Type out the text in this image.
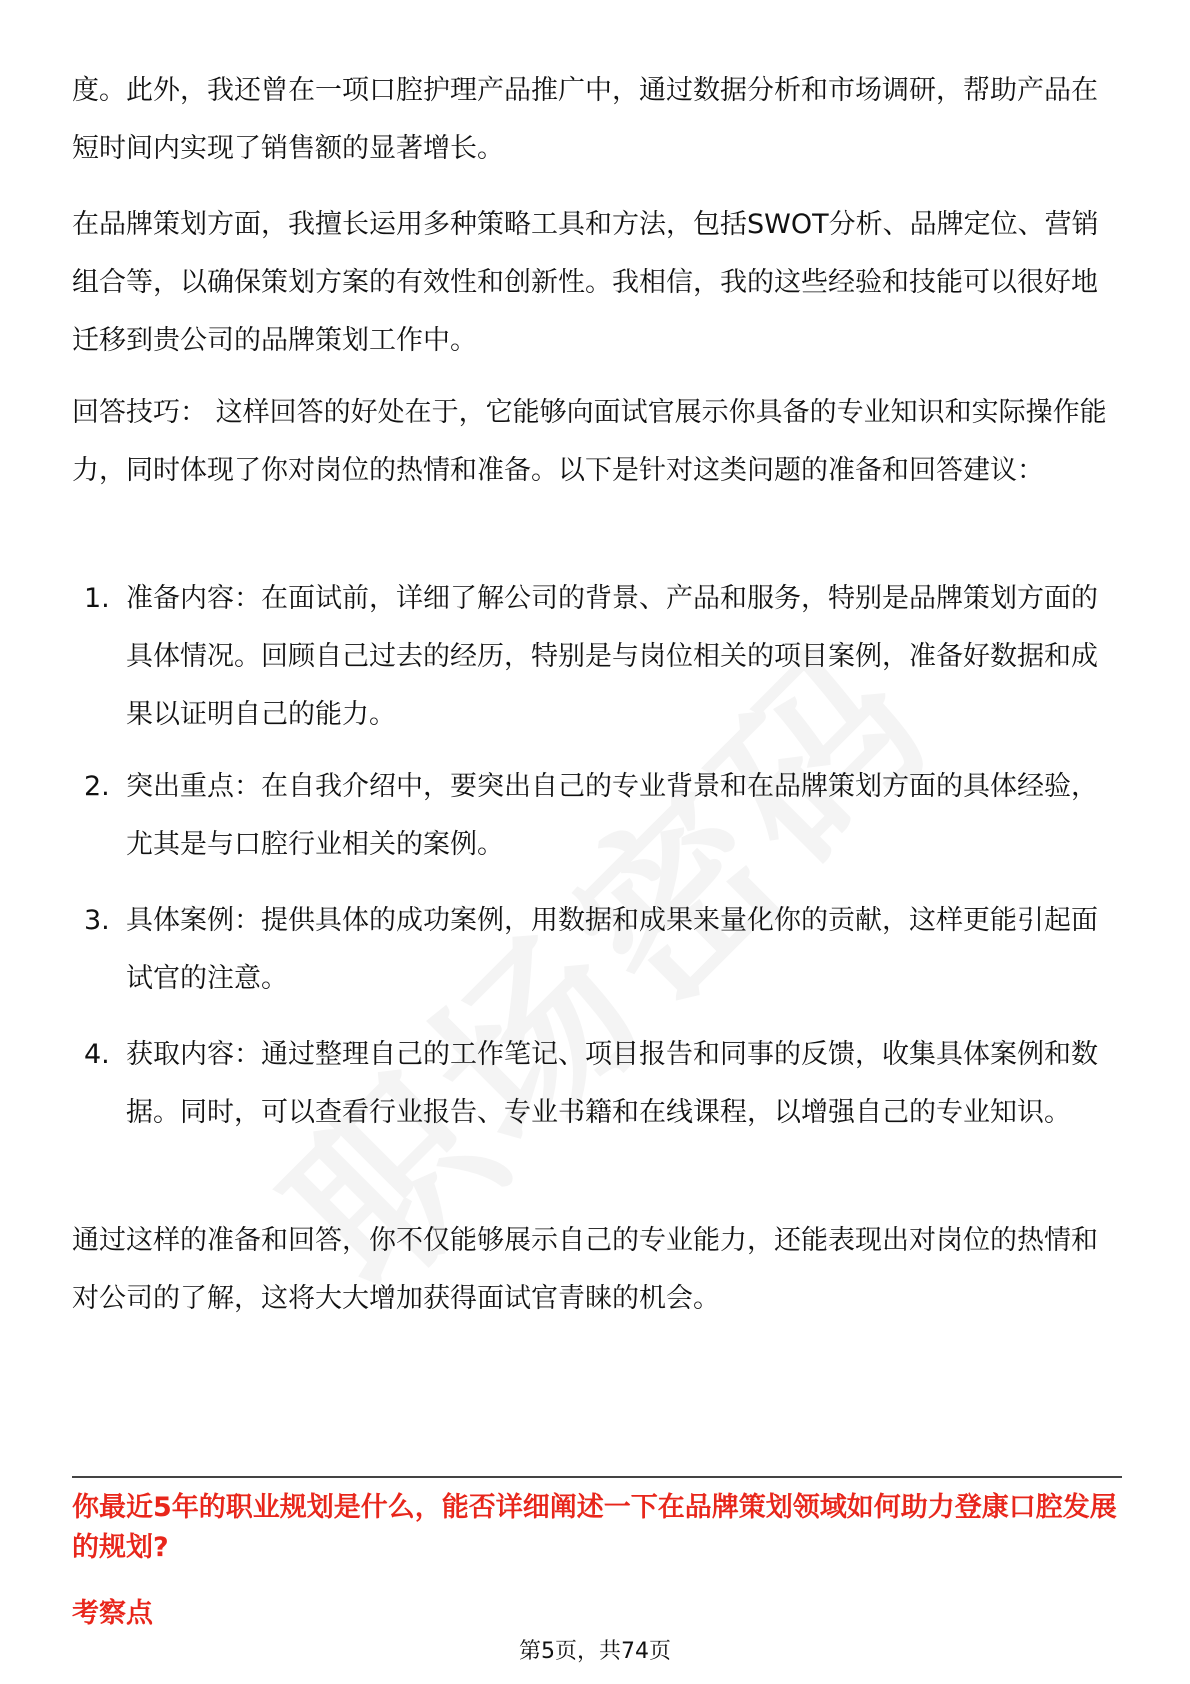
度。此外，我还曾在一项口腔护理产品推广中，通过数据分析和市场调研，帮助产品在短时间内实现了销售额的显著增长。

在品牌策划方面，我擅长运用多种策略工具和方法，包括SWOT分析、品牌定位、营销组合等，以确保策划方案的有效性和创新性。我相信，我的这些经验和技能可以很好地迁移到贵公司的品牌策划工作中。

回答技巧： 这样回答的好处在于，它能够向面试官展示你具备的专业知识和实际操作能力，同时体现了你对岗位的热情和准备。以下是针对这类问题的准备和回答建议：

1. 准备内容：在面试前，详细了解公司的背景、产品和服务，特别是品牌策划方面的具体情况。回顾自己过去的经历，特别是与岗位相关的项目案例，准备好数据和成果以证明自己的能力。
2. 突出重点：在自我介绍中，要突出自己的专业背景和在品牌策划方面的具体经验，尤其是与口腔行业相关的案例。
3. 具体案例：提供具体的成功案例，用数据和成果来量化你的贡献，这样更能引起面试官的注意。
4. 获取内容：通过整理自己的工作笔记、项目报告和同事的反馈，收集具体案例和数据。同时，可以查看行业报告、专业书籍和在线课程，以增强自己的专业知识。

通过这样的准备和回答，你不仅能够展示自己的专业能力，还能表现出对岗位的热情和对公司的了解，这将大大增加获得面试官青睐的机会。

你最近5年的职业规划是什么，能否详细阐述一下在品牌策划领域如何助力登康口腔发展的规划?
考察点
第5页，共74页
